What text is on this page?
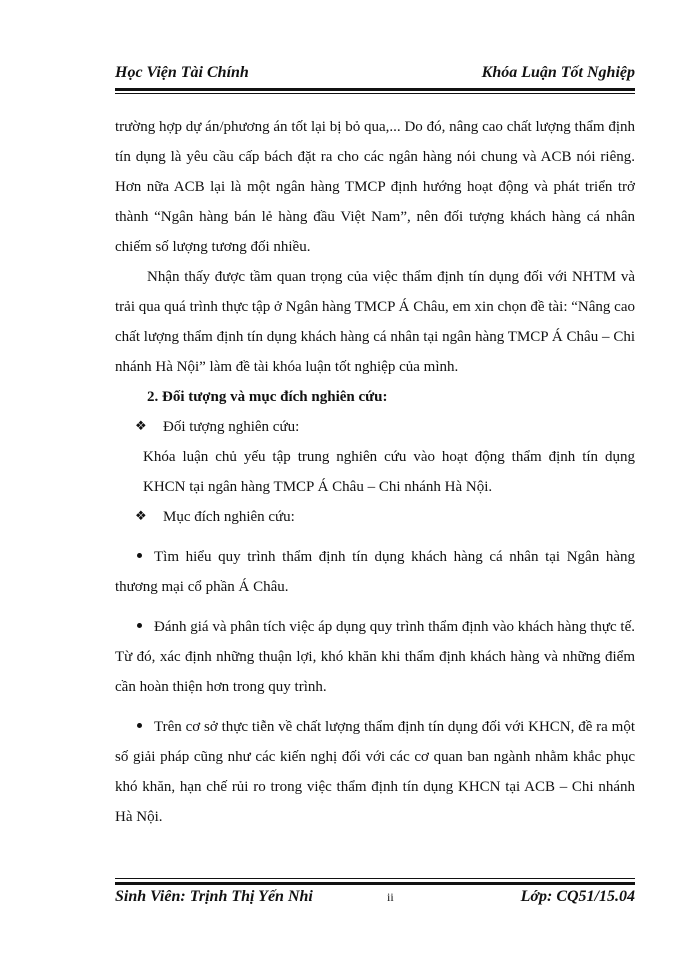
Học Viện Tài Chính	Khóa Luận Tốt Nghiệp

trường hợp dự án/phương án tốt lại bị bỏ qua,... Do đó, nâng cao chất lượng thẩm định tín dụng là yêu cầu cấp bách đặt ra cho các ngân hàng nói chung và ACB nói riêng. Hơn nữa ACB lại là một ngân hàng TMCP định hướng hoạt động và phát triển trở thành “Ngân hàng bán lẻ hàng đầu Việt Nam”, nên đối tượng khách hàng cá nhân chiếm số lượng tương đối nhiều.

Nhận thấy được tầm quan trọng của việc thẩm định tín dụng đối với NHTM và trải qua quá trình thực tập ở Ngân hàng TMCP Á Châu, em xin chọn đề tài: “Nâng cao chất lượng thẩm định tín dụng khách hàng cá nhân tại ngân hàng TMCP Á Châu – Chi nhánh Hà Nội” làm đề tài khóa luận tốt nghiệp của mình.

2. Đối tượng và mục đích nghiên cứu:
❖	Đối tượng nghiên cứu:

Khóa luận chủ yếu tập trung nghiên cứu vào hoạt động thẩm định tín dụng KHCN tại ngân hàng TMCP Á Châu – Chi nhánh Hà Nội.

❖	Mục đích nghiên cứu:

Tìm hiểu quy trình thẩm định tín dụng khách hàng cá nhân tại Ngân hàng thương mại cổ phần Á Châu.

Đánh giá và phân tích việc áp dụng quy trình thẩm định vào khách hàng thực tế. Từ đó, xác định những thuận lợi, khó khăn khi thẩm định khách hàng và những điểm cần hoàn thiện hơn trong quy trình.

Trên cơ sở thực tiễn về chất lượng thẩm định tín dụng đối với KHCN, đề ra một số giải pháp cũng như các kiến nghị đối với các cơ quan ban ngành nhằm khắc phục khó khăn, hạn chế rủi ro trong việc thẩm định tín dụng KHCN tại ACB – Chi nhánh Hà Nội.

Sinh Viên: Trịnh Thị Yến Nhi	ii	Lớp: CQ51/15.04
